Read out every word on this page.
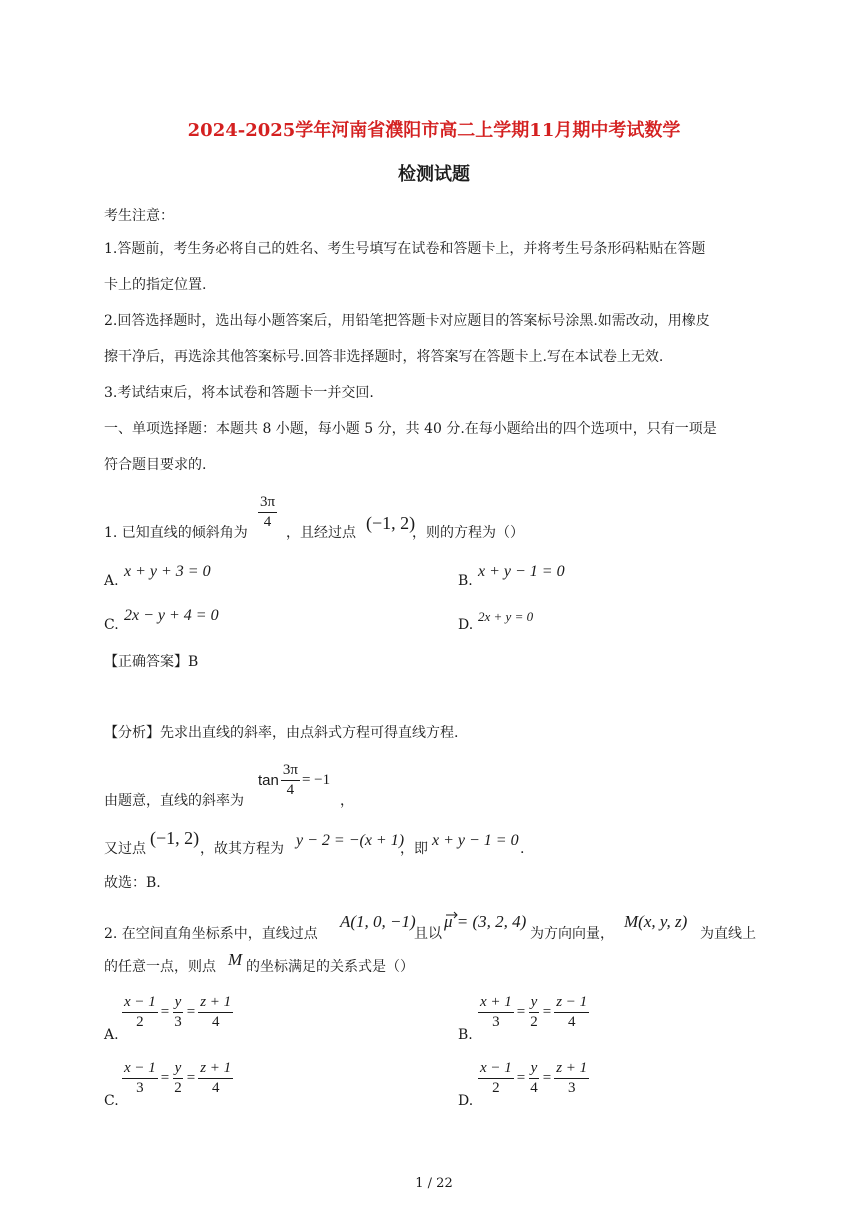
2024-2025学年河南省濮阳市高二上学期11月期中考试数学
检测试题
考生注意：
1.答题前，考生务必将自己的姓名、考生号填写在试卷和答题卡上，并将考生号条形码粘贴在答题
卡上的指定位置.
2.回答选择题时，选出每小题答案后，用铅笔把答题卡对应题目的答案标号涂黑.如需改动，用橡皮
擦干净后，再选涂其他答案标号.回答非选择题时，将答案写在答题卡上.写在本试卷上无效.
3.考试结束后，将本试卷和答题卡一并交回.
一、单项选择题：本题共 8 小题，每小题 5 分，共 40 分.在每小题给出的四个选项中，只有一项是
符合题目要求的.
1. 已知直线的倾斜角为
$\frac{3\pi}{4}$
，且经过点 (−1, 2)
，则的方程为（）
A.
x + y + 3 = 0
B.
x + y − 1 = 0
C.
2x − y + 4 = 0
D.
2x + y = 0
【正确答案】B
【分析】先求出直线的斜率，由点斜式方程可得直线方程.
由题意，直线的斜率为
$\tan \frac{3\pi}{4} = -1$
，
又过点
(−1, 2)
，故其方程为 y − 2 = −(x + 1)
，即 x + y − 1 = 0 .
故选：B.
2. 在空间直角坐标系中，直线过点
A(1, 0, −1)
且以
μ = (3, 2, 4)
为方向向量，
M(x, y, z)
为直线上
的任意一点，则点 M 的坐标满足的关系式是（）
A.
$\frac{x - 1}{2} = \frac{y}{3} = \frac{z + 1}{4}$
B.
$\frac{x + 1}{3} = \frac{y}{2} = \frac{z - 1}{4}$
C.
$\frac{x - 1}{3} = \frac{y}{2} = \frac{z + 1}{4}$
D.
$\frac{x - 1}{2} = \frac{y}{4} = \frac{z + 1}{3}$
1 / 22
